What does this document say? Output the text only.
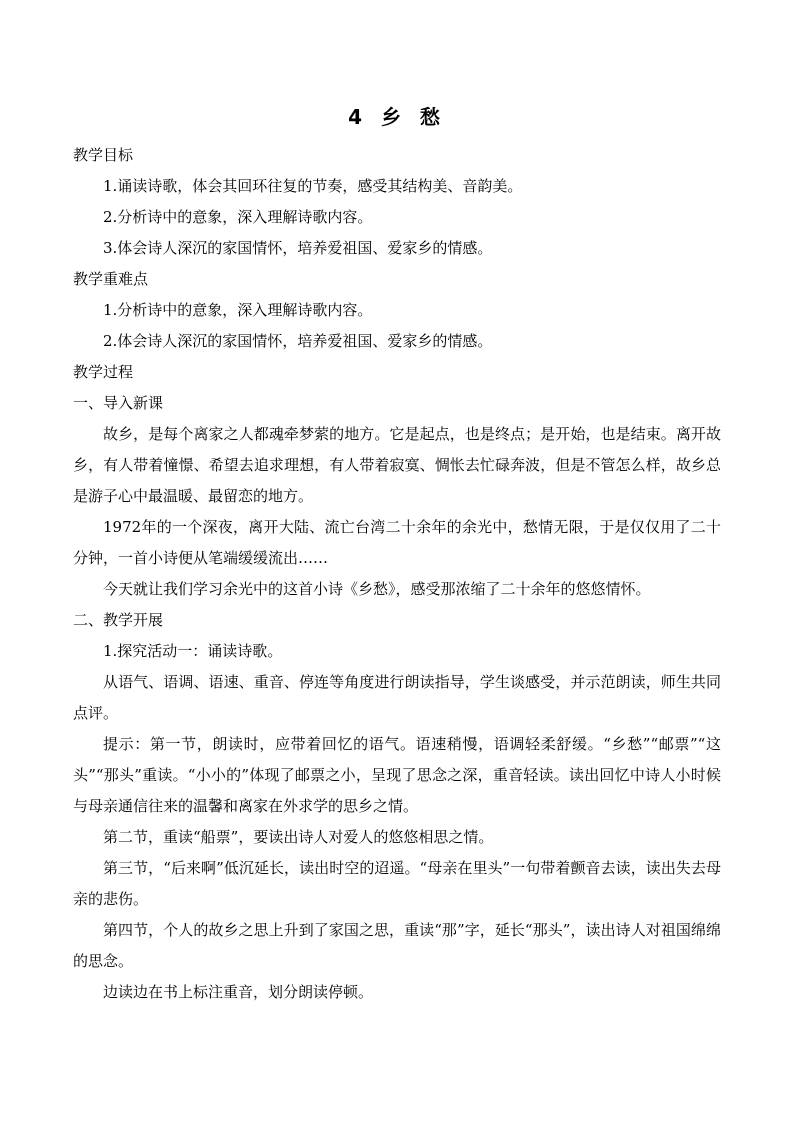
4 乡 愁

教学目标

1.诵读诗歌，体会其回环往复的节奏，感受其结构美、音韵美。

2.分析诗中的意象，深入理解诗歌内容。

3.体会诗人深沉的家国情怀，培养爱祖国、爱家乡的情感。

教学重难点

1.分析诗中的意象，深入理解诗歌内容。

2.体会诗人深沉的家国情怀，培养爱祖国、爱家乡的情感。

教学过程

一、导入新课

故乡，是每个离家之人都魂牵梦萦的地方。它是起点，也是终点；是开始，也是结束。离开故乡，有人带着憧憬、希望去追求理想，有人带着寂寞、惆怅去忙碌奔波，但是不管怎么样，故乡总是游子心中最温暖、最留恋的地方。

1972年的一个深夜，离开大陆、流亡台湾二十余年的余光中，愁情无限，于是仅仅用了二十分钟，一首小诗便从笔端缓缓流出……

今天就让我们学习余光中的这首小诗《乡愁》，感受那浓缩了二十余年的悠悠情怀。

二、教学开展

1.探究活动一：诵读诗歌。

从语气、语调、语速、重音、停连等角度进行朗读指导，学生谈感受，并示范朗读，师生共同点评。

提示：第一节，朗读时，应带着回忆的语气。语速稍慢，语调轻柔舒缓。“乡愁”“邮票”“这头”“那头”重读。“小小的”体现了邮票之小，呈现了思念之深，重音轻读。读出回忆中诗人小时候与母亲通信往来的温馨和离家在外求学的思乡之情。

第二节，重读“船票”，要读出诗人对爱人的悠悠相思之情。

第三节，“后来啊”低沉延长，读出时空的迢遥。“母亲在里头”一句带着颤音去读，读出失去母亲的悲伤。

第四节，个人的故乡之思上升到了家国之思，重读“那”字，延长“那头”，读出诗人对祖国绵绵的思念。

边读边在书上标注重音，划分朗读停顿。
